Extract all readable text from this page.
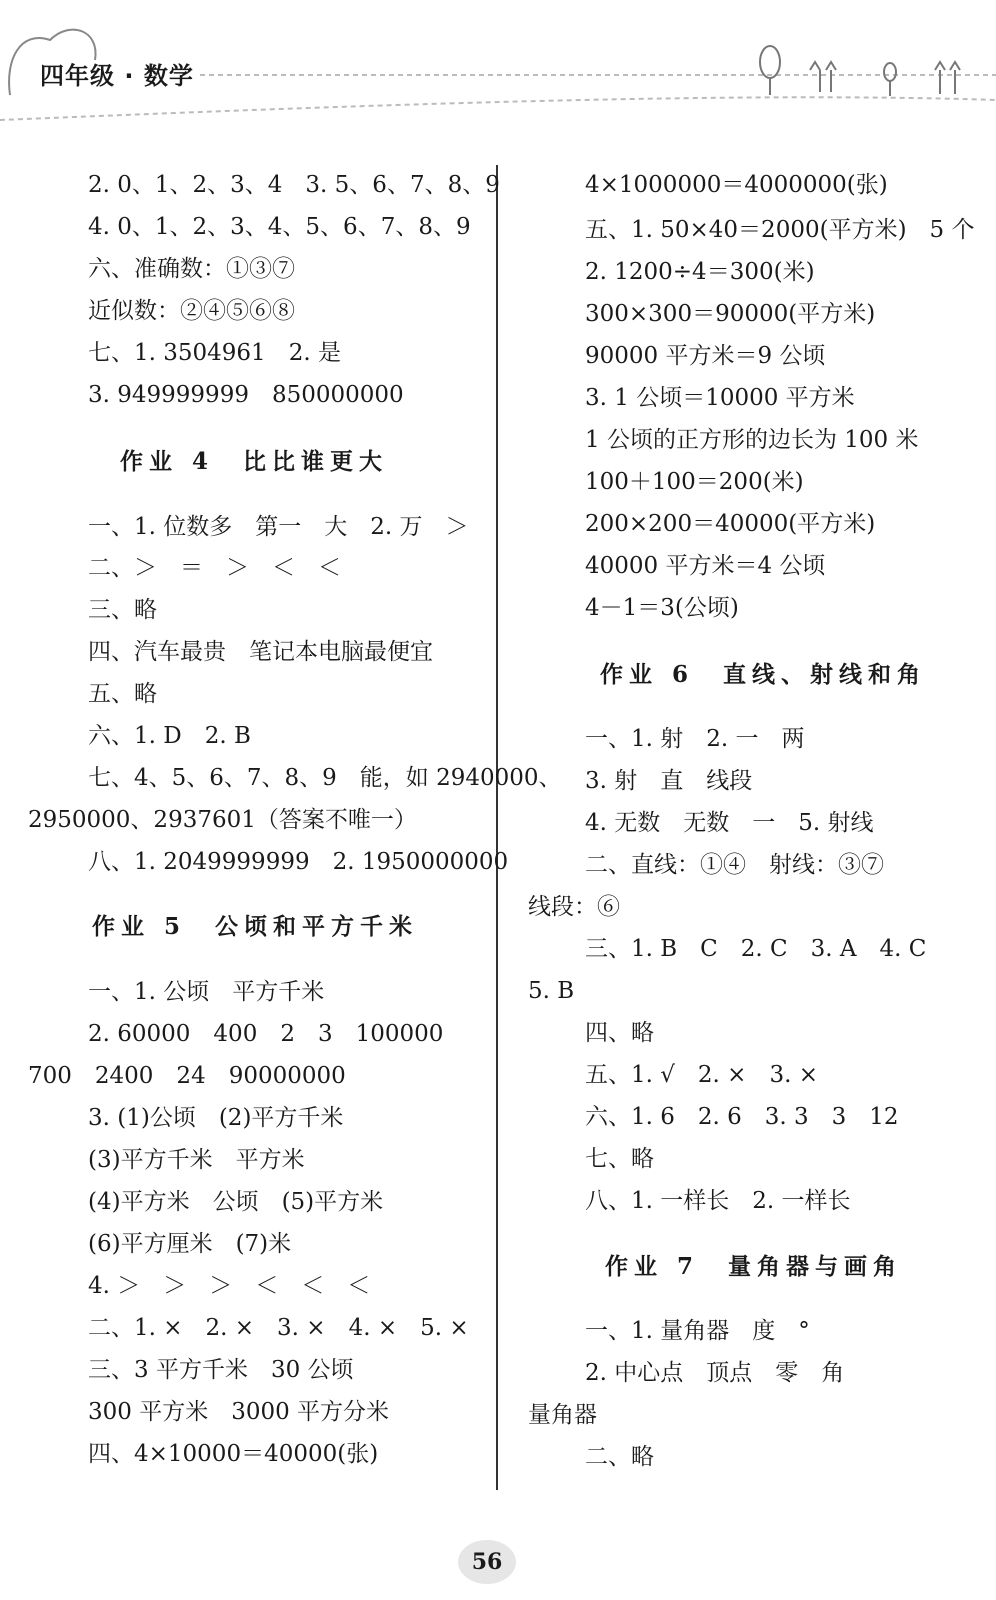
四年级 · 数学
2. 0、1、2、3、4　3. 5、6、7、8、9
4. 0、1、2、3、4、5、6、7、8、9
六、准确数：①③⑦
近似数：②④⑤⑥⑧
七、1. 3504961　2. 是
3. 949999999　850000000
作业 4　比比谁更大
一、1. 位数多　第一　大　2. 万　＞
二、＞　＝　＞　＜　＜
三、略
四、汽车最贵　笔记本电脑最便宜
五、略
六、1. D　2. B
七、4、5、6、7、8、9　能，如 2940000、
2950000、2937601（答案不唯一）
八、1. 2049999999　2. 1950000000
作业 5　公顷和平方千米
一、1. 公顷　平方千米
2. 60000　400　2　3　100000
700　2400　24　90000000
3. (1)公顷　(2)平方千米
(3)平方千米　平方米
(4)平方米　公顷　(5)平方米
(6)平方厘米　(7)米
4. ＞　＞　＞　＜　＜　＜
二、1. ×　2. ×　3. ×　4. ×　5. ×
三、3 平方千米　30 公顷
300 平方米　3000 平方分米
四、4×10000＝40000(张)
4×1000000＝4000000(张)
五、1. 50×40＝2000(平方米)　5 个
2. 1200÷4＝300(米)
300×300＝90000(平方米)
90000 平方米＝9 公顷
3. 1 公顷＝10000 平方米
1 公顷的正方形的边长为 100 米
100＋100＝200(米)
200×200＝40000(平方米)
40000 平方米＝4 公顷
4－1＝3(公顷)
作业 6　直线、射线和角
一、1. 射　2. 一　两
3. 射　直　线段
4. 无数　无数　一　5. 射线
二、直线：①④　射线：③⑦
线段：⑥
三、1. B　C　2. C　3. A　4. C
5. B
四、略
五、1. √　2. ×　3. ×
六、1. 6　2. 6　3. 3　3　12
七、略
八、1. 一样长　2. 一样长
作业 7　量角器与画角
一、1. 量角器　度　°
2. 中心点　顶点　零　角
量角器
二、略
56
